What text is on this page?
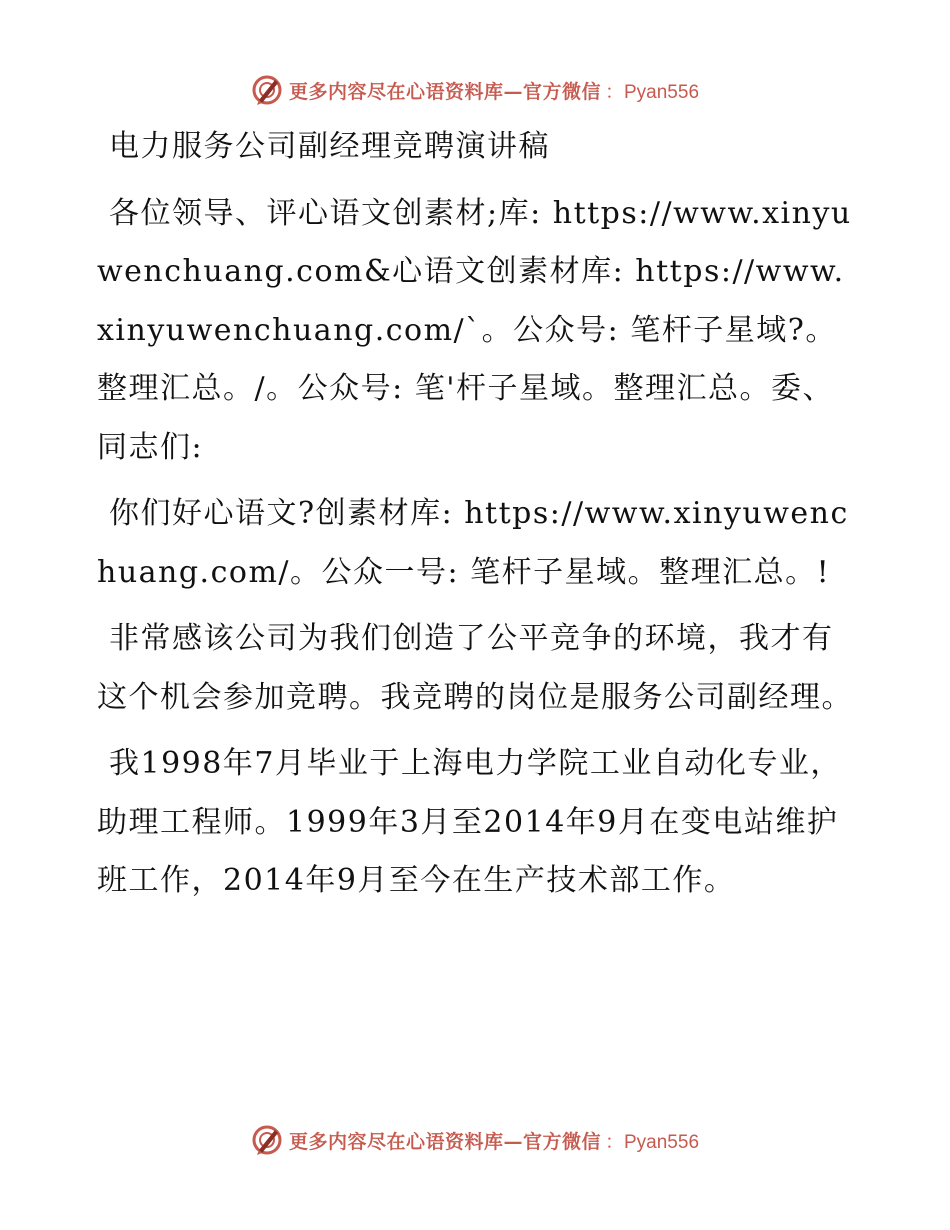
更多内容尽在心语资料库—官方微信 ：Pyan556

电力服务公司副经理竞聘演讲稿

各位领导、评心语文创素材;库: https://www.xinyuwenchuang.com&心语文创素材库: https://www.xinyuwenchuang.com/`。公众号: 笔杆子星域?。整理汇总。/。公众号: 笔'杆子星域。整理汇总。委、同志们:

你们好心语文?创素材库: https://www.xinyuwenchuang.com/。公众一号: 笔杆子星域。整理汇总。!

非常感该公司为我们创造了公平竞争的环境，我才有这个机会参加竞聘。我竞聘的岗位是服务公司副经理。

我1998年7月毕业于上海电力学院工业自动化专业，助理工程师。1999年3月至2014年9月在变电站维护班工作，2014年9月至今在生产技术部工作。

更多内容尽在心语资料库—官方微信 ：Pyan556
